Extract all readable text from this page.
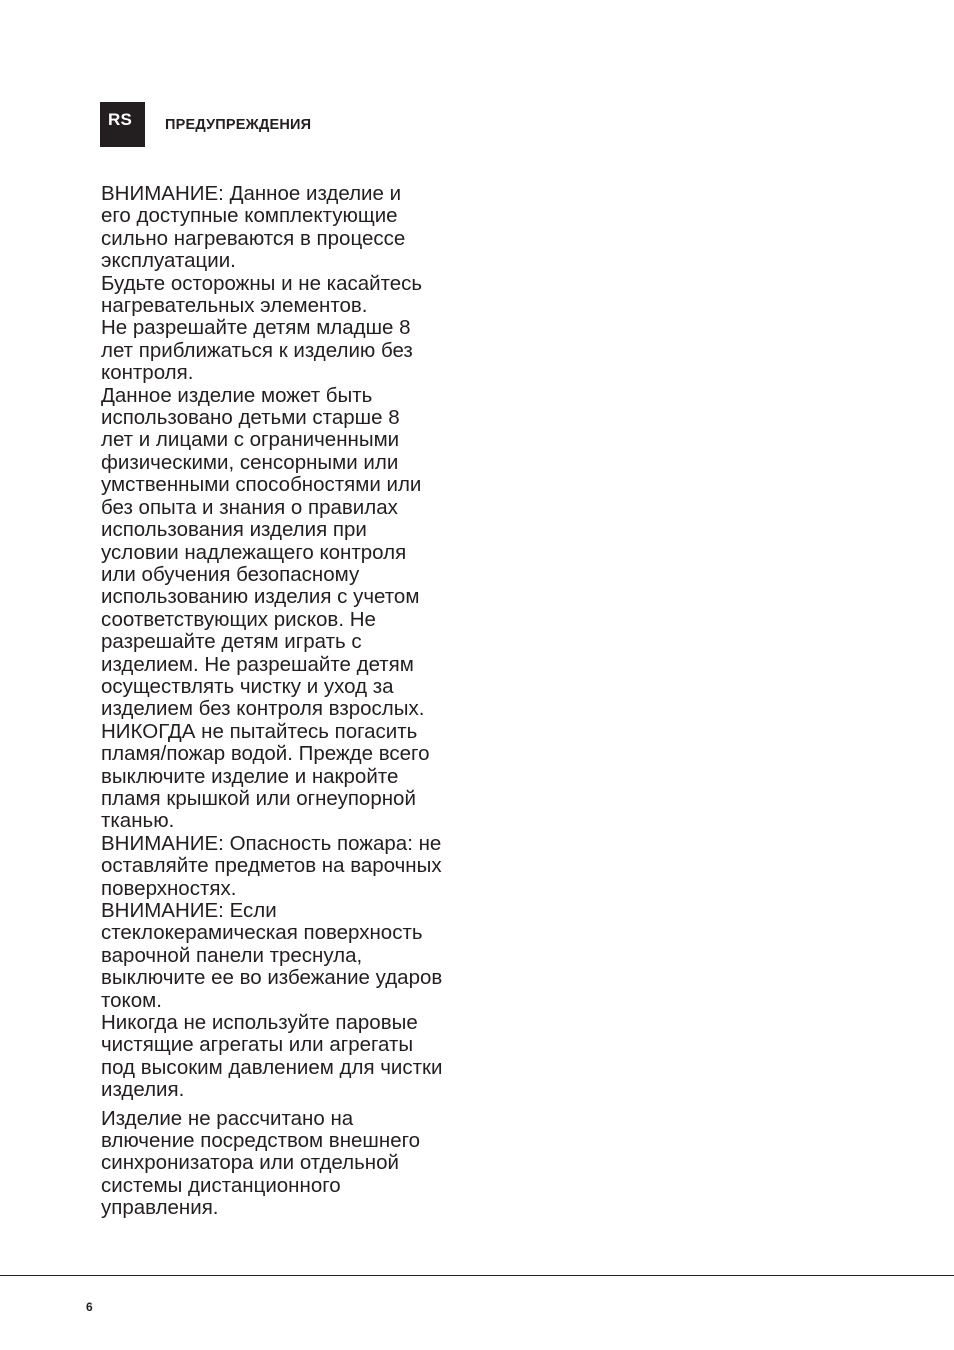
RS	ПРЕДУПРЕЖДЕНИЯ

ВНИМАНИЕ: Данное изделие и

его доступные комплектующие

сильно нагреваются в процессе

эксплуатации.

Будьте осторожны и не касайтесь

нагревательных элементов.

Не разрешайте детям младше 8

лет приближаться к изделию без

контроля.

Данное изделие может быть

использовано детьми старше 8

лет и лицами с ограниченными

физическими, сенсорными или

умственными способностями или

без опыта и знания о правилах

использования изделия при

условии надлежащего контроля

или обучения безопасному

использованию изделия с учетом

соответствующих рисков. Не

разрешайте детям играть с

изделием. Не разрешайте детям

осуществлять чистку и уход за

изделием без контроля взрослых.

НИКОГДА не пытайтесь погасить

пламя/пожар водой. Прежде всего

выключите изделие и накройте

пламя крышкой или огнеупорной

тканью.

ВНИМАНИЕ: Опасность пожара: не

оставляйте предметов на варочных

поверхностях.

ВНИМАНИЕ: Если

стеклокерамическая поверхность

варочной панели треснула,

выключите ее во избежание ударов

током.

Никогда не используйте паровые

чистящие агрегаты или агрегаты

под высоким давлением для чистки

изделия.

Изделие не рассчитано на

влючение посредством внешнего

синхронизатора или отдельной

системы дистанционного

управления.

6
